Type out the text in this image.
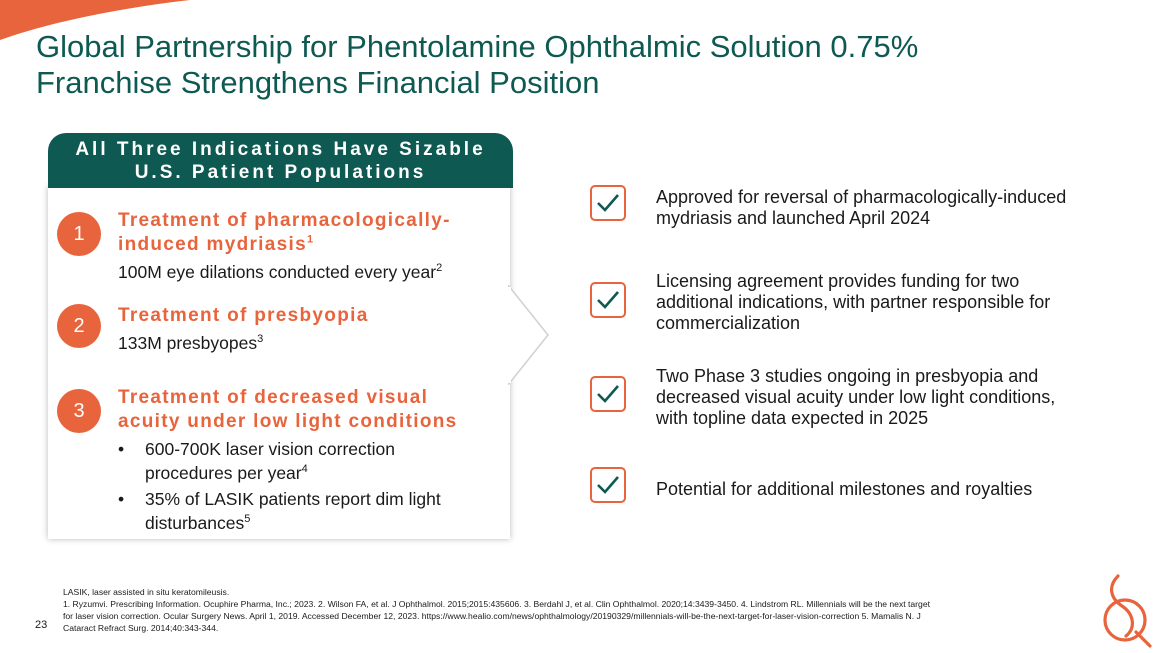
Global Partnership for Phentolamine Ophthalmic Solution 0.75%
Franchise Strengthens Financial Position
All Three Indications Have Sizable
U.S. Patient Populations
1
Treatment of pharmacologically-
induced mydriasis$^1$
100M eye dilations conducted every year$^2$
2	Treatment of presbyopia
133M presbyopes$^3$
3
Treatment of decreased visual
acuity under low light conditions
• 600-700K laser vision correction
procedures per year$^4$
• 35% of LASIK patients report dim light
disturbances$^5$
Approved for reversal of pharmacologically-induced
mydriasis and launched April 2024
Licensing agreement provides funding for two
additional indications, with partner responsible for
commercialization
Two Phase 3 studies ongoing in presbyopia and
decreased visual acuity under low light conditions,
with topline data expected in 2025
Potential for additional milestones and royalties
LASIK, laser assisted in situ keratomileusis.
1. Ryzumvi. Prescribing Information. Ocuphire Pharma, Inc.; 2023. 2. Wilson FA, et al. J Ophthalmol. 2015;2015:435606. 3. Berdahl J, et al. Clin Ophthalmol. 2020;14:3439-3450. 4. Lindstrom RL. Millennials will be the next target
for laser vision correction. Ocular Surgery News. April 1, 2019. Accessed December 12, 2023. https://www.healio.com/news/ophthalmology/20190329/millennials-will-be-the-next-target-for-laser-vision-correction 5. Mamalis N. J
Cataract Refract Surg. 2014;40:343-344.
23
